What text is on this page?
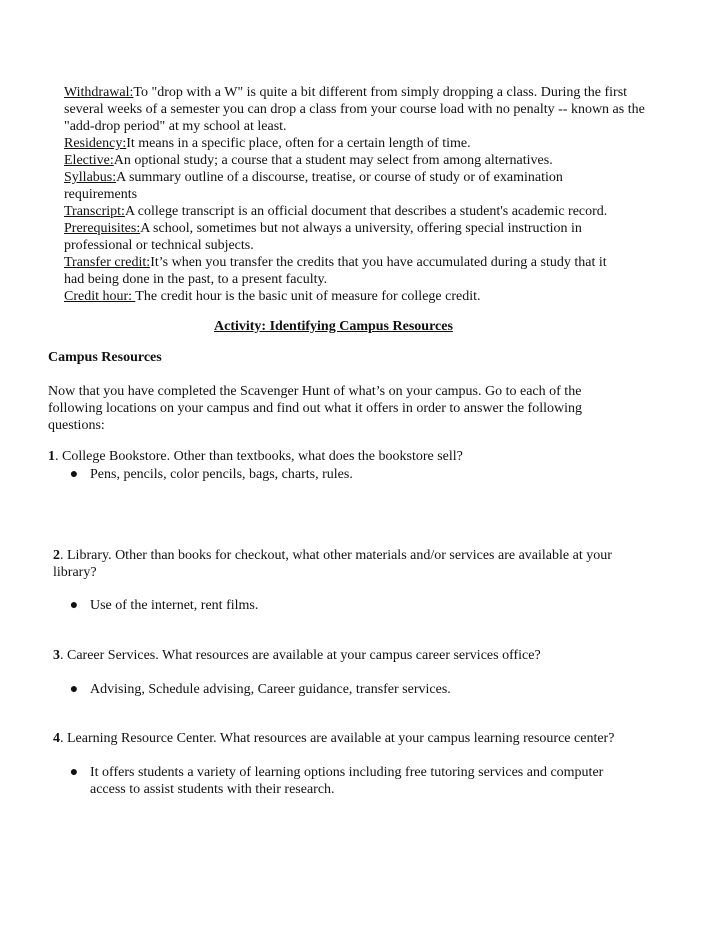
Withdrawal:To "drop with a W" is quite a bit different from simply dropping a class. During the first several weeks of a semester you can drop a class from your course load with no penalty -- known as the "add-drop period" at my school at least.
Residency:It means in a specific place, often for a certain length of time.
Elective:An optional study; a course that a student may select from among alternatives.
Syllabus:A summary outline of a discourse, treatise, or course of study or of examination requirements
Transcript:A college transcript is an official document that describes a student's academic record.
Prerequisites:A school, sometimes but not always a university, offering special instruction in professional or technical subjects.
Transfer credit:It’s when you transfer the credits that you have accumulated during a study that it had being done in the past, to a present faculty.
Credit hour: The credit hour is the basic unit of measure for college credit.
Activity: Identifying Campus Resources
Campus Resources
Now that you have completed the Scavenger Hunt of what’s on your campus. Go to each of the following locations on your campus and find out what it offers in order to answer the following questions:
1. College Bookstore. Other than textbooks, what does the bookstore sell?
● Pens, pencils, color pencils, bags, charts, rules.
2. Library. Other than books for checkout, what other materials and/or services are available at your library?
● Use of the internet, rent films.
3. Career Services. What resources are available at your campus career services office?
● Advising, Schedule advising, Career guidance, transfer services.
4. Learning Resource Center. What resources are available at your campus learning resource center?
● It offers students a variety of learning options including free tutoring services and computer access to assist students with their research.
